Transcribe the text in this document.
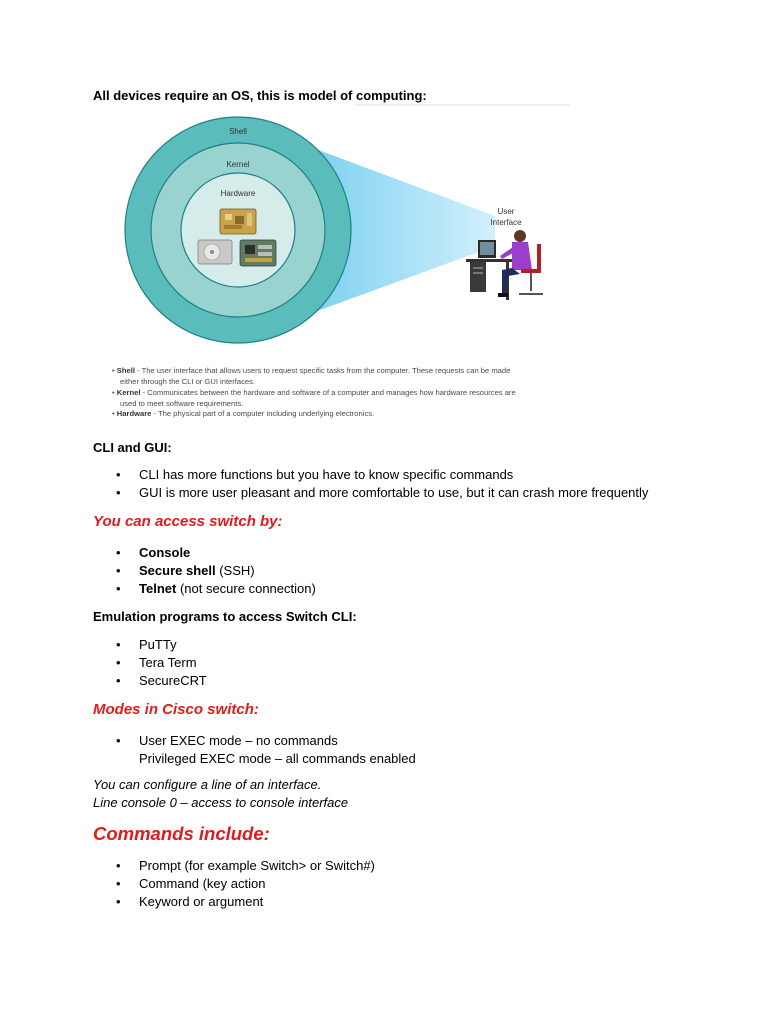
All devices require an OS, this is model of computing:
Shell
Kernel
Hardware
User
Interface
• Shell - The user interface that allows users to request specific tasks from the computer. These requests can be made
either through the CLI or GUI interfaces.
• Kernel - Communicates between the hardware and software of a computer and manages how hardware resources are
used to meet software requirements.
• Hardware - The physical part of a computer including underlying electronics.
CLI and GUI:
• CLI has more functions but you have to know specific commands
• GUI is more user pleasant and more comfortable to use, but it can crash more frequently
You can access switch by:
• Console
• Secure shell (SSH)
• Telnet (not secure connection)
Emulation programs to access Switch CLI:
• PuTTy
• Tera Term
• SecureCRT
Modes in Cisco switch:
• User EXEC mode – no commands
Privileged EXEC mode – all commands enabled
You can configure a line of an interface.
Line console 0 – access to console interface
Commands include:
• Prompt (for example Switch> or Switch#)
• Command (key action
• Keyword or argument
